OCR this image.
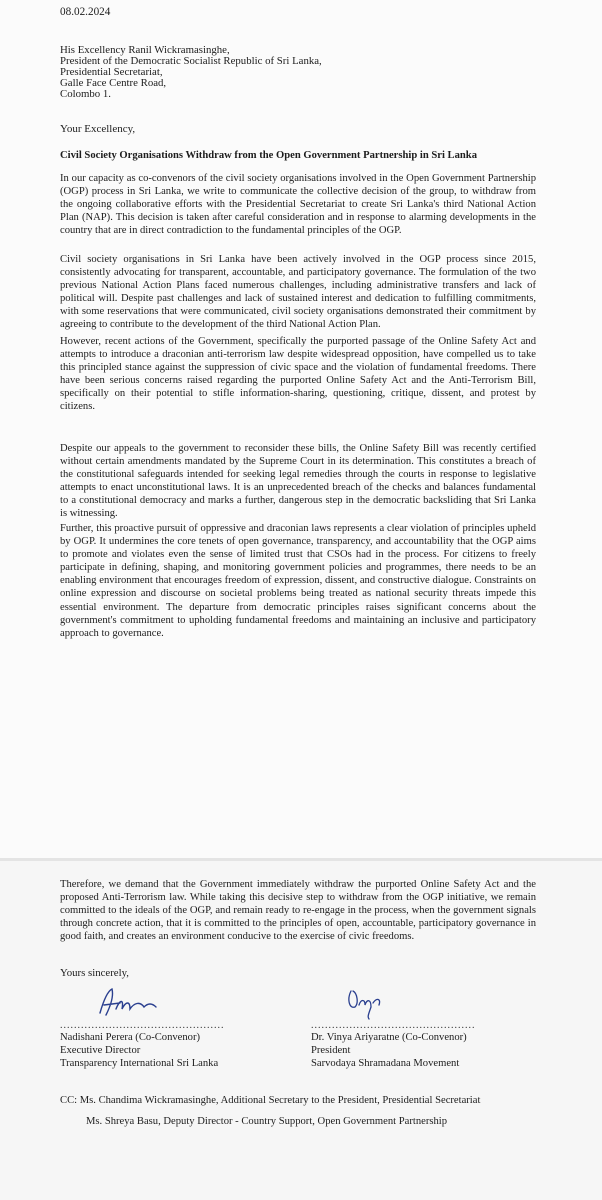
08.02.2024
His Excellency Ranil Wickramasinghe,
President of the Democratic Socialist Republic of Sri Lanka,
Presidential Secretariat,
Galle Face Centre Road,
Colombo 1.
Your Excellency,
Civil Society Organisations Withdraw from the Open Government Partnership in Sri Lanka

In our capacity as co-convenors of the civil society organisations involved in the Open Government Partnership (OGP) process in Sri Lanka, we write to communicate the collective decision of the group, to withdraw from the ongoing collaborative efforts with the Presidential Secretariat to create Sri Lanka's third National Action Plan (NAP). This decision is taken after careful consideration and in response to alarming developments in the country that are in direct contradiction to the fundamental principles of the OGP.

Civil society organisations in Sri Lanka have been actively involved in the OGP process since 2015, consistently advocating for transparent, accountable, and participatory governance. The formulation of the two previous National Action Plans faced numerous challenges, including administrative transfers and lack of political will. Despite past challenges and lack of sustained interest and dedication to fulfilling commitments, with some reservations that were communicated, civil society organisations demonstrated their commitment by agreeing to contribute to the development of the third National Action Plan.

However, recent actions of the Government, specifically the purported passage of the Online Safety Act and attempts to introduce a draconian anti-terrorism law despite widespread opposition, have compelled us to take this principled stance against the suppression of civic space and the violation of fundamental freedoms. There have been serious concerns raised regarding the purported Online Safety Act and the Anti-Terrorism Bill, specifically on their potential to stifle information-sharing, questioning, critique, dissent, and protest by citizens.

Despite our appeals to the government to reconsider these bills, the Online Safety Bill was recently certified without certain amendments mandated by the Supreme Court in its determination. This constitutes a breach of the constitutional safeguards intended for seeking legal remedies through the courts in response to legislative attempts to enact unconstitutional laws. It is an unprecedented breach of the checks and balances fundamental to a constitutional democracy and marks a further, dangerous step in the democratic backsliding that Sri Lanka is witnessing.

Further, this proactive pursuit of oppressive and draconian laws represents a clear violation of principles upheld by OGP. It undermines the core tenets of open governance, transparency, and accountability that the OGP aims to promote and violates even the sense of limited trust that CSOs had in the process. For citizens to freely participate in defining, shaping, and monitoring government policies and programmes, there needs to be an enabling environment that encourages freedom of expression, dissent, and constructive dialogue. Constraints on online expression and discourse on societal problems being treated as national security threats impede this essential environment. The departure from democratic principles raises significant concerns about the government's commitment to upholding fundamental freedoms and maintaining an inclusive and participatory approach to governance.

Therefore, we demand that the Government immediately withdraw the purported Online Safety Act and the proposed Anti-Terrorism law. While taking this decisive step to withdraw from the OGP initiative, we remain committed to the ideals of the OGP, and remain ready to re-engage in the process, when the government signals through concrete action, that it is committed to the principles of open, accountable, participatory governance in good faith, and creates an environment conducive to the exercise of civic freedoms.

Yours sincerely,
...............................................
Nadishani Perera (Co-Convenor)
Executive Director
Transparency International Sri Lanka
...............................................
Dr. Vinya Ariyaratne (Co-Convenor)
President
Sarvodaya Shramadana Movement
CC: Ms. Chandima Wickramasinghe, Additional Secretary to the President, Presidential Secretariat
Ms. Shreya Basu, Deputy Director - Country Support, Open Government Partnership
